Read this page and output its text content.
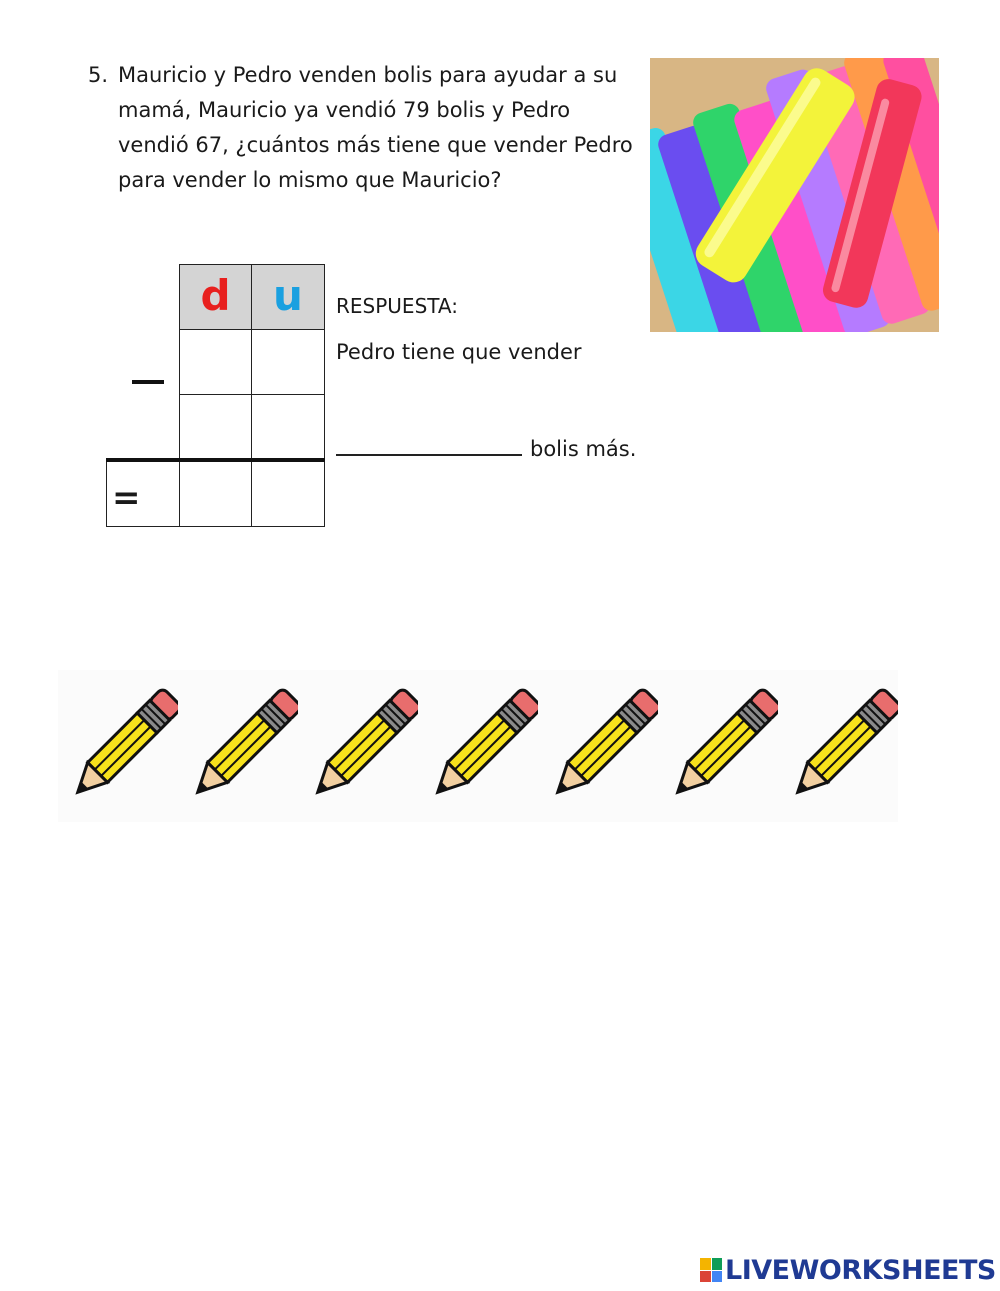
5. Mauricio y Pedro venden bolis para ayudar a su
mamá, Mauricio ya vendió 79 bolis y Pedro
vendió 67, ¿cuántos más tiene que vender Pedro
para vender lo mismo que Mauricio?
d	u
=
RESPUESTA:
Pedro tiene que vender
bolis más.
LIVEWORKSHEETS
